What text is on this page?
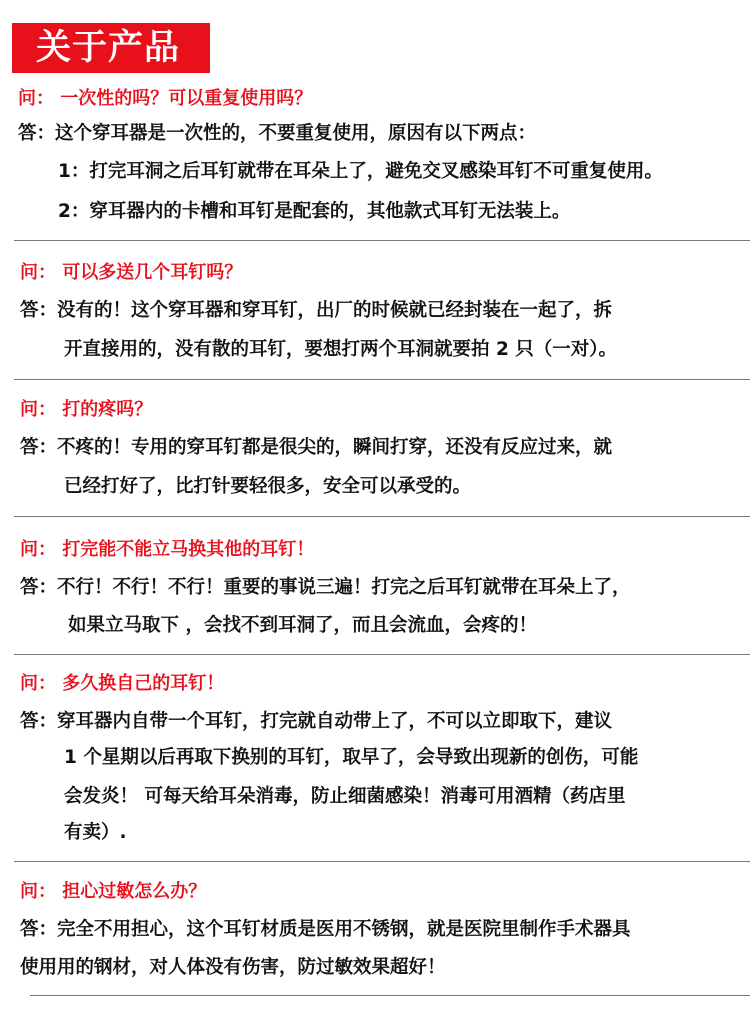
关于产品
问： 一次性的吗？可以重复使用吗？
答：这个穿耳器是一次性的，不要重复使用，原因有以下两点：
1：打完耳洞之后耳钉就带在耳朵上了，避免交叉感染耳钉不可重复使用。
2：穿耳器内的卡槽和耳钉是配套的，其他款式耳钉无法装上。
问： 可以多送几个耳钉吗？
答：没有的！这个穿耳器和穿耳钉，出厂的时候就已经封装在一起了，拆
开直接用的，没有散的耳钉，要想打两个耳洞就要拍 2 只（一对）。
问： 打的疼吗？
答：不疼的！专用的穿耳钉都是很尖的，瞬间打穿，还没有反应过来，就
已经打好了，比打针要轻很多，安全可以承受的。
问： 打完能不能立马换其他的耳钉！
答：不行！不行！不行！重要的事说三遍！打完之后耳钉就带在耳朵上了，
如果立马取下 ，会找不到耳洞了，而且会流血，会疼的！
问： 多久换自己的耳钉！
答：穿耳器内自带一个耳钉，打完就自动带上了，不可以立即取下，建议
1 个星期以后再取下换别的耳钉，取早了，会导致出现新的创伤，可能
会发炎！ 可每天给耳朵消毒，防止细菌感染！消毒可用酒精（药店里
有卖）.
问： 担心过敏怎么办？
答：完全不用担心，这个耳钉材质是医用不锈钢，就是医院里制作手术器具
使用用的钢材，对人体没有伤害，防过敏效果超好！
